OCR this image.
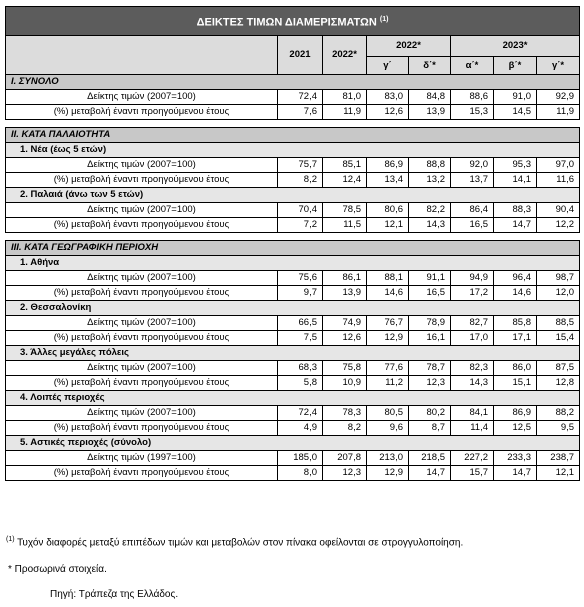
ΔΕΙΚΤΕΣ ΤΙΜΩΝ ΔΙΑΜΕΡΙΣΜΑΤΩΝ $^{(1)}$
	2021	2022*	2022*		2023*		
			γ΄	δ΄*	α΄*	β΄*	γ΄*
I. ΣΥΝΟΛΟ							
Δείκτης τιμών (2007=100)	72,4	81,0	83,0	84,8	88,6	91,0	92,9
(%) μεταβολή έναντι προηγούμενου έτους	7,6	11,9	12,6	13,9	15,3	14,5	11,9

II. ΚΑΤΑ ΠΑΛΑΙΟΤΗΤΑ							
1. Νέα (έως 5 ετών)							
Δείκτης τιμών (2007=100)	75,7	85,1	86,9	88,8	92,0	95,3	97,0
(%) μεταβολή έναντι προηγούμενου έτους	8,2	12,4	13,4	13,2	13,7	14,1	11,6
2. Παλαιά (άνω των 5 ετών)							
Δείκτης τιμών (2007=100)	70,4	78,5	80,6	82,2	86,4	88,3	90,4
(%) μεταβολή έναντι προηγούμενου έτους	7,2	11,5	12,1	14,3	16,5	14,7	12,2

III. ΚΑΤΑ ΓΕΩΓΡΑΦΙΚΗ ΠΕΡΙΟΧΗ							
1. Αθήνα							
Δείκτης τιμών (2007=100)	75,6	86,1	88,1	91,1	94,9	96,4	98,7
(%) μεταβολή έναντι προηγούμενου έτους	9,7	13,9	14,6	16,5	17,2	14,6	12,0
2. Θεσσαλονίκη							
Δείκτης τιμών (2007=100)	66,5	74,9	76,7	78,9	82,7	85,8	88,5
(%) μεταβολή έναντι προηγούμενου έτους	7,5	12,6	12,9	16,1	17,0	17,1	15,4
3. Άλλες μεγάλες πόλεις							
Δείκτης τιμών (2007=100)	68,3	75,8	77,6	78,7	82,3	86,0	87,5
(%) μεταβολή έναντι προηγούμενου έτους	5,8	10,9	11,2	12,3	14,3	15,1	12,8
4. Λοιπές περιοχές							
Δείκτης τιμών (2007=100)	72,4	78,3	80,5	80,2	84,1	86,9	88,2
(%) μεταβολή έναντι προηγούμενου έτους	4,9	8,2	9,6	8,7	11,4	12,5	9,5
5. Αστικές περιοχές (σύνολο)							
Δείκτης τιμών (1997=100)	185,0	207,8	213,0	218,5	227,2	233,3	238,7
(%) μεταβολή έναντι προηγούμενου έτους	8,0	12,3	12,9	14,7	15,7	14,7	12,1

$^{(1)}$ Τυχόν διαφορές μεταξύ επιπέδων τιμών και μεταβολών στον πίνακα οφείλονται σε στρογγυλοποίηση.

* Προσωρινά στοιχεία.

Πηγή: Τράπεζα της Ελλάδος.
